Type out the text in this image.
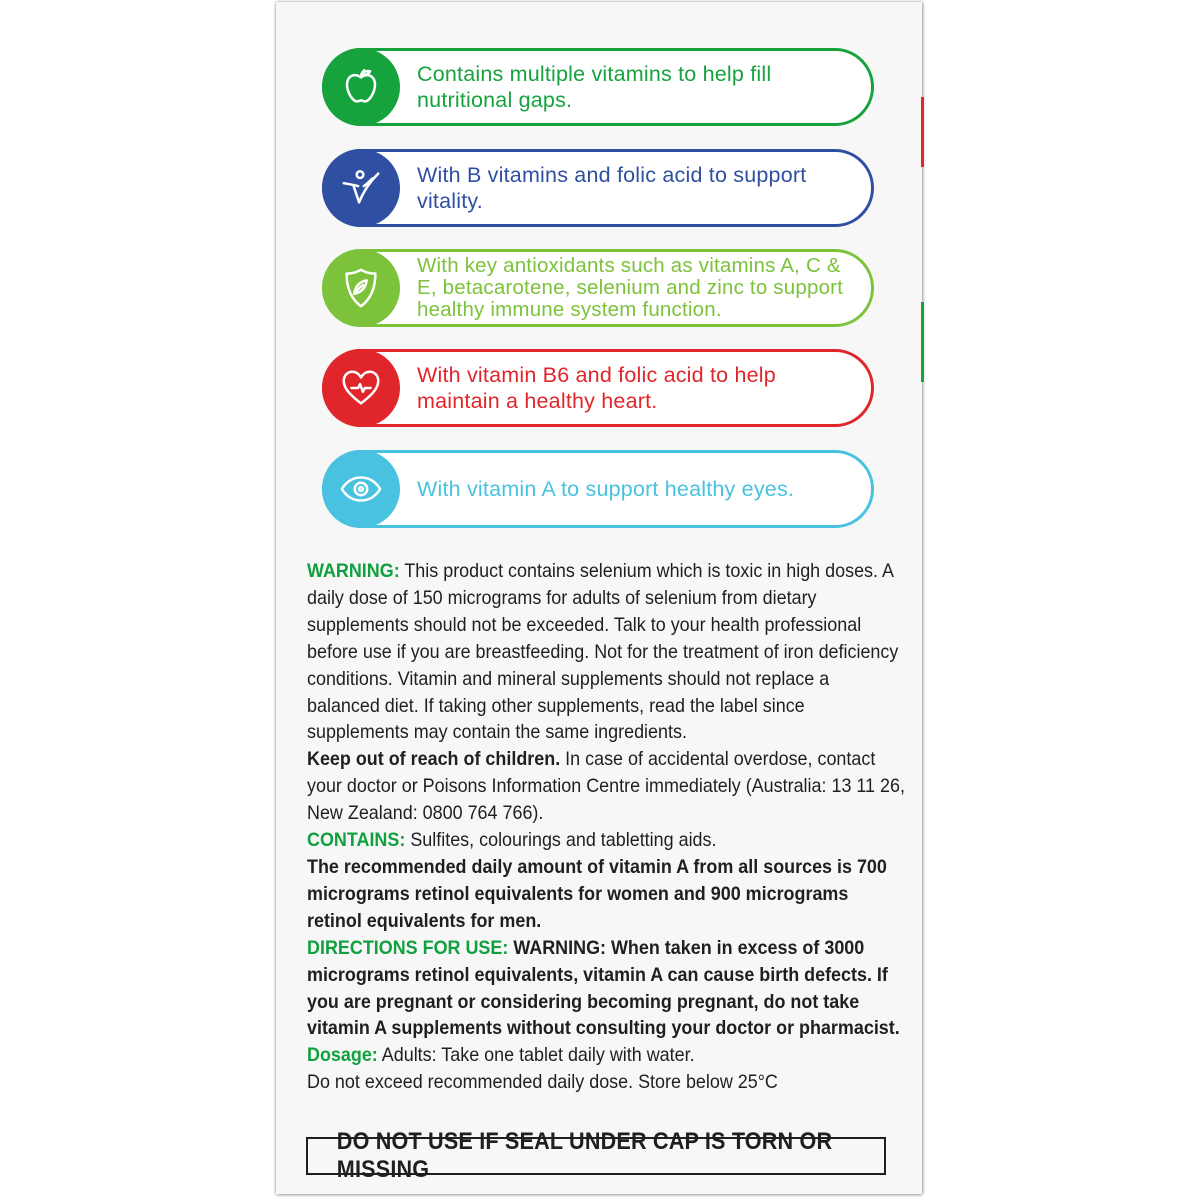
Contains multiple vitamins to help fill nutritional gaps.
With B vitamins and folic acid to support vitality.
With key antioxidants such as vitamins A, C & E, betacarotene, selenium and zinc to support healthy immune system function.
With vitamin B6 and folic acid to help maintain a healthy heart.
With vitamin A to support healthy eyes.

WARNING: This product contains selenium which is toxic in high doses. A daily dose of 150 micrograms for adults of selenium from dietary supplements should not be exceeded. Talk to your health professional before use if you are breastfeeding. Not for the treatment of iron deficiency conditions. Vitamin and mineral supplements should not replace a balanced diet. If taking other supplements, read the label since supplements may contain the same ingredients.

Keep out of reach of children. In case of accidental overdose, contact your doctor or Poisons Information Centre immediately (Australia: 13 11 26, New Zealand: 0800 764 766).

CONTAINS: Sulfites, colourings and tabletting aids.

The recommended daily amount of vitamin A from all sources is 700 micrograms retinol equivalents for women and 900 micrograms retinol equivalents for men.

DIRECTIONS FOR USE: WARNING: When taken in excess of 3000 micrograms retinol equivalents, vitamin A can cause birth defects. If you are pregnant or considering becoming pregnant, do not take vitamin A supplements without consulting your doctor or pharmacist.

Dosage: Adults: Take one tablet daily with water.

Do not exceed recommended daily dose. Store below 25°C

DO NOT USE IF SEAL UNDER CAP IS TORN OR MISSING
